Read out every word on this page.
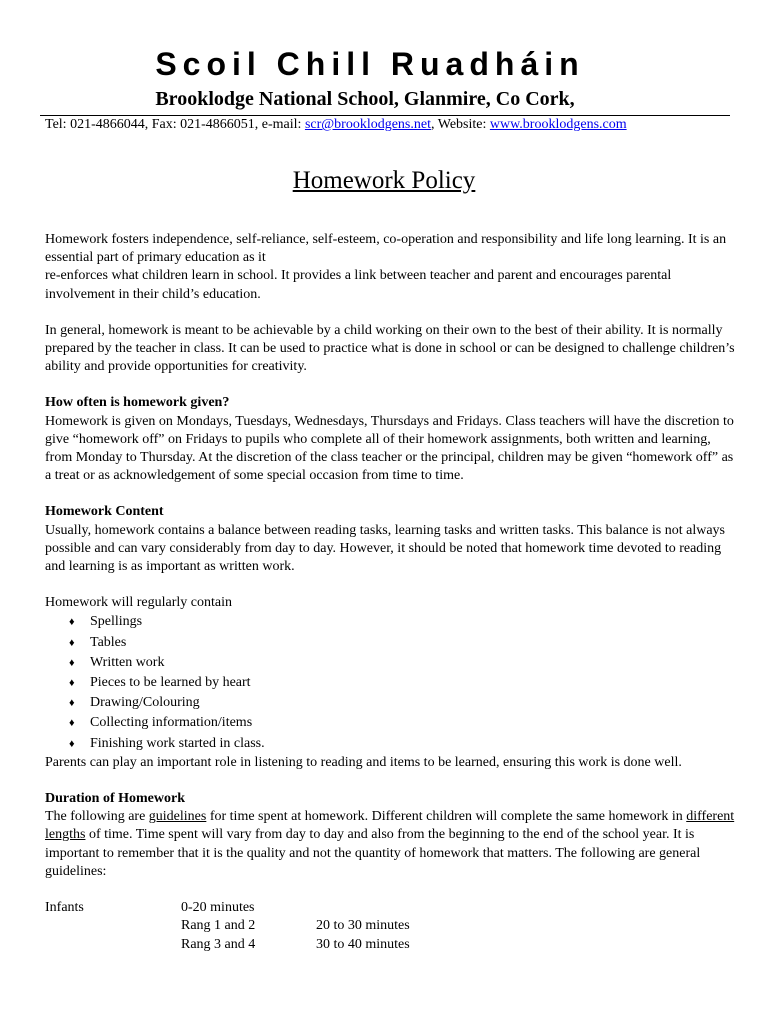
Scoil Chill Ruadháin
Brooklodge National School, Glanmire, Co Cork,
Tel: 021-4866044, Fax: 021-4866051, e-mail: scr@brooklodgens.net, Website: www.brooklodgens.com
Homework Policy

Homework fosters independence, self-reliance, self-esteem, co-operation and responsibility and life long learning. It is an essential part of primary education as it

re-enforces what children learn in school. It provides a link between teacher and parent and encourages parental involvement in their child’s education.

In general, homework is meant to be achievable by a child working on their own to the best of their ability. It is normally prepared by the teacher in class. It can be used to practice what is done in school or can be designed to challenge children’s ability and provide opportunities for creativity.

How often is homework given?

Homework is given on Mondays, Tuesdays, Wednesdays, Thursdays and Fridays. Class teachers will have the discretion to give “homework off” on Fridays to pupils who complete all of their homework assignments, both written and learning, from Monday to Thursday. At the discretion of the class teacher or the principal, children may be given “homework off” as a treat or as acknowledgement of some special occasion from time to time.

Homework Content

Usually, homework contains a balance between reading tasks, learning tasks and written tasks. This balance is not always possible and can vary considerably from day to day. However, it should be noted that homework time devoted to reading and learning is as important as written work.

Homework will regularly contain

♦ Spellings
♦ Tables
♦ Written work
♦ Pieces to be learned by heart
♦ Drawing/Colouring
♦ Collecting information/items
♦ Finishing work started in class.

Parents can play an important role in listening to reading and items to be learned, ensuring this work is done well.

Duration of Homework

The following are guidelines for time spent at homework. Different children will complete the same homework in different lengths of time. Time spent will vary from day to day and also from the beginning to the end of the school year. It is important to remember that it is the quality and not the quantity of homework that matters. The following are general guidelines:

Infants	0-20 minutes	
	Rang 1 and 2	20 to 30 minutes
	Rang 3 and 4	30 to 40 minutes
